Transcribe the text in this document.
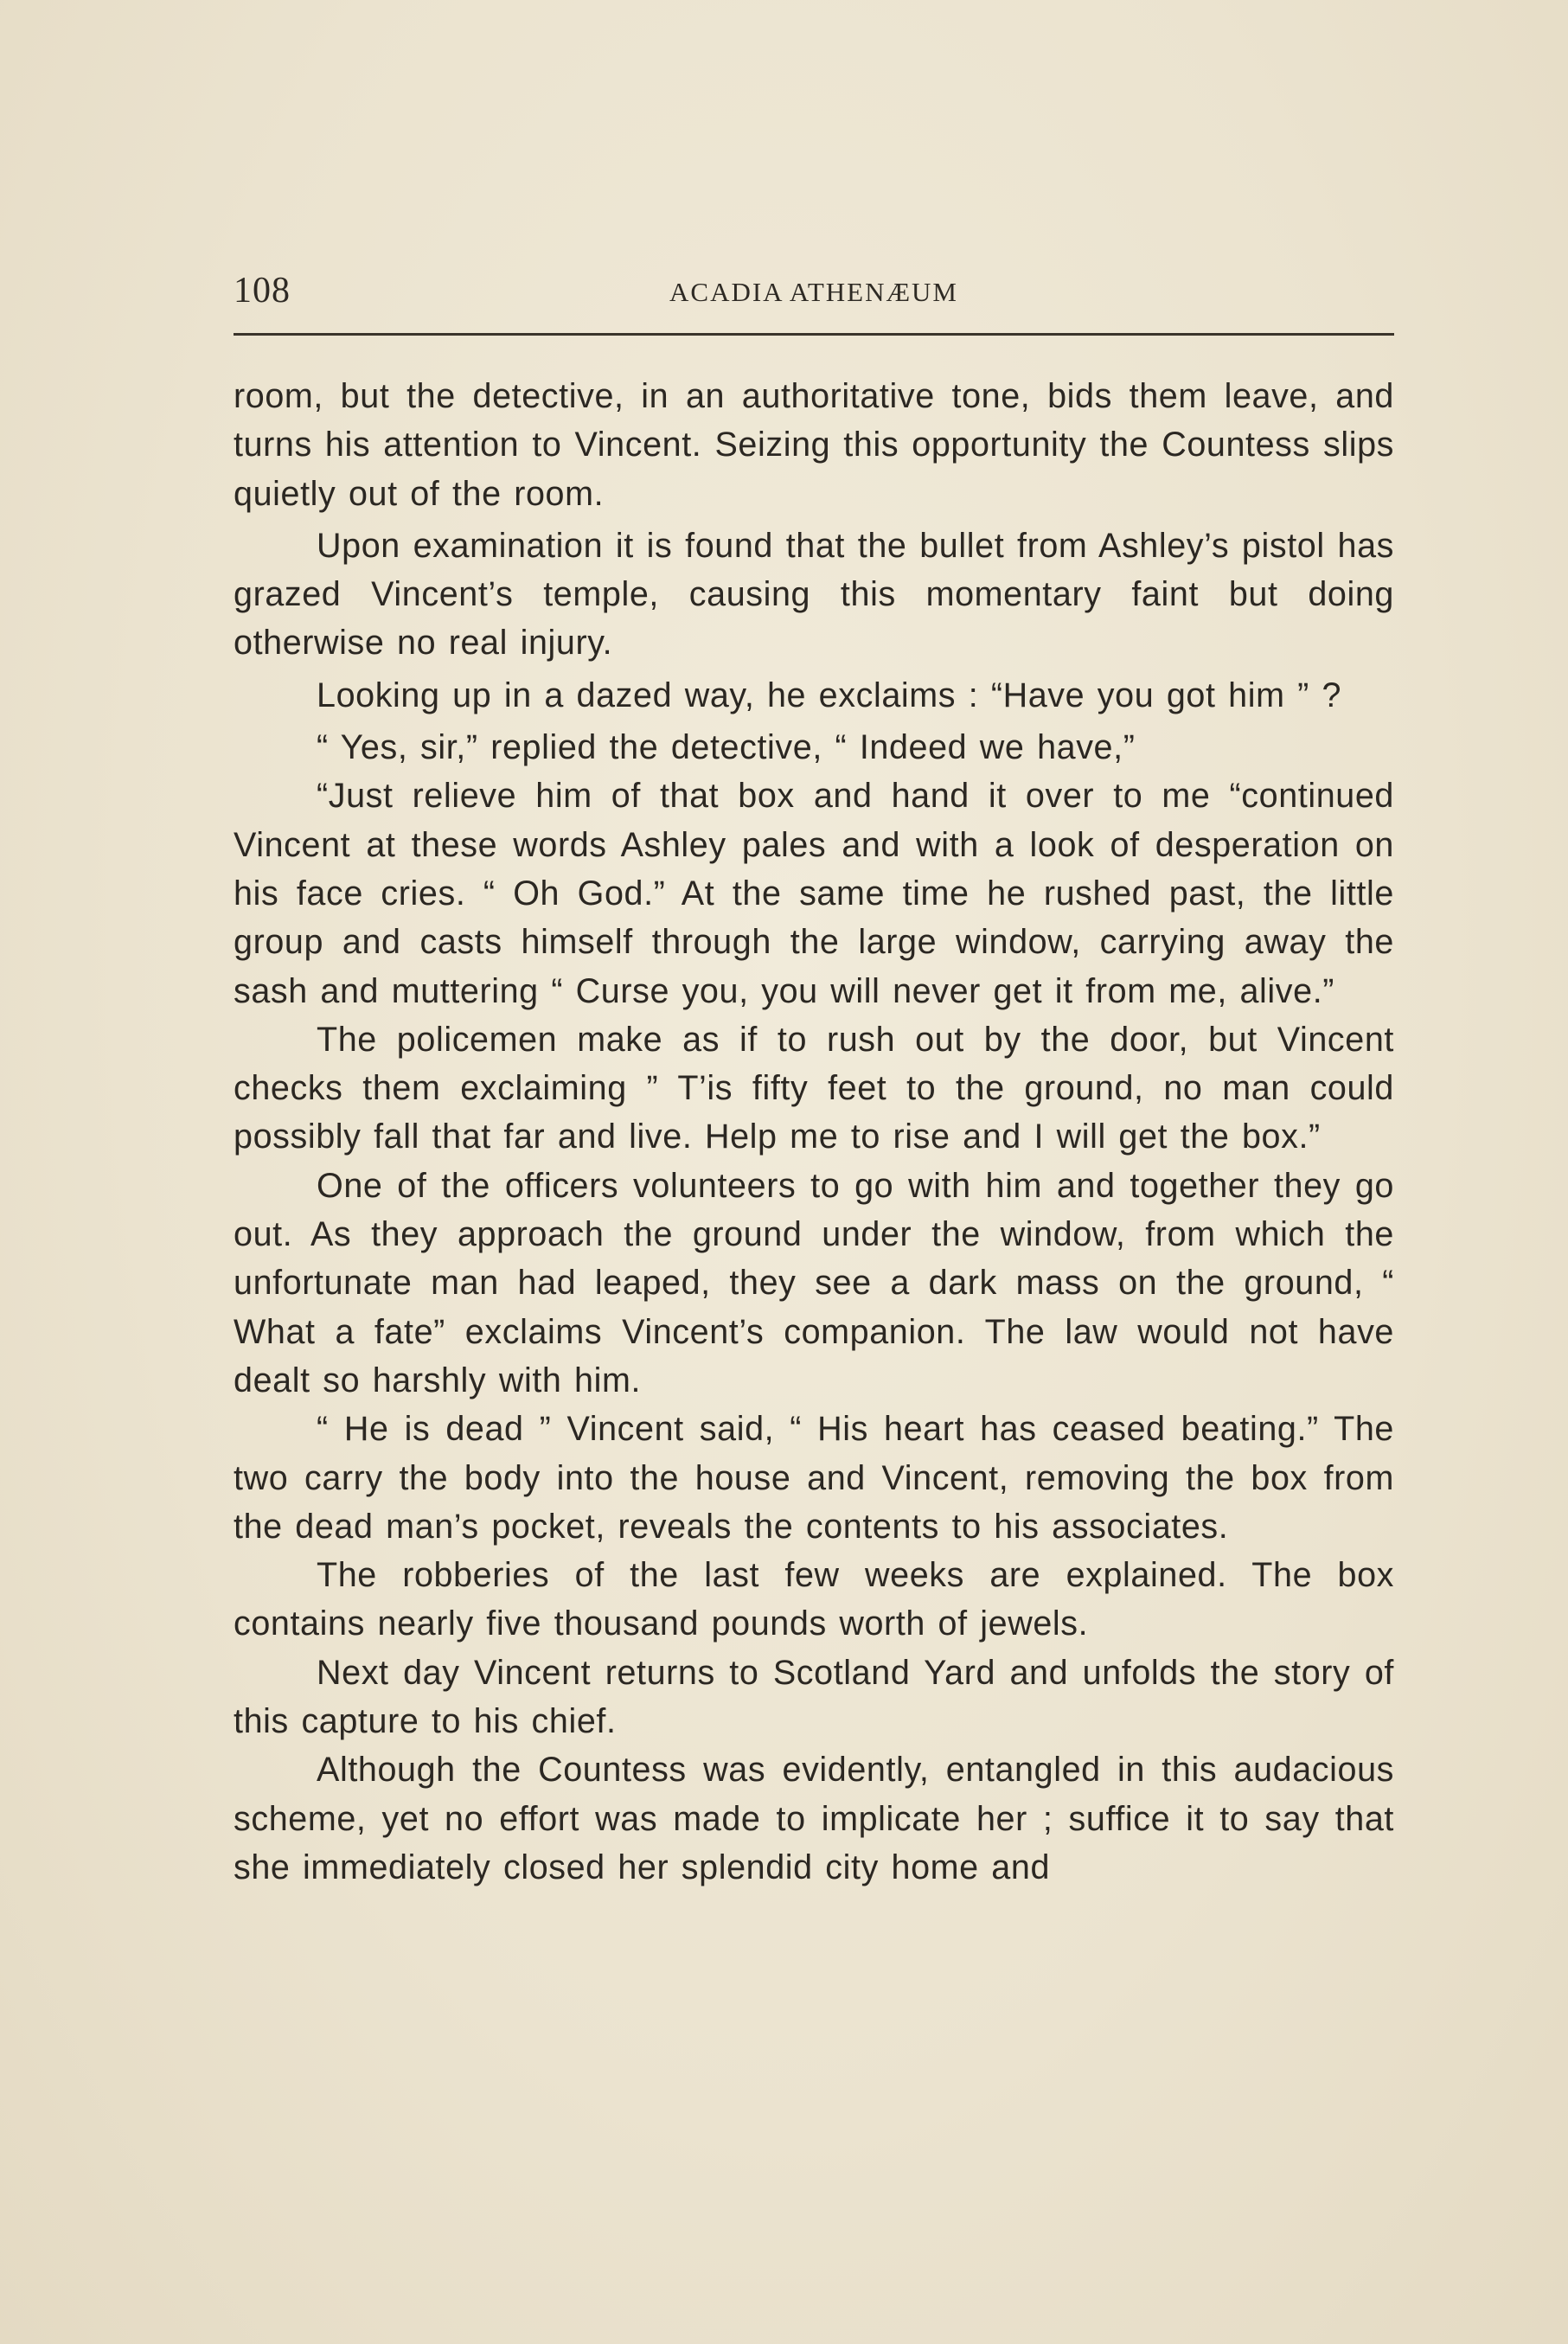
108	ACADIA ATHENÆUM

room, but the detective, in an authoritative tone, bids them leave, and turns his attention to Vincent. Seizing this opportunity the Countess slips quietly out of the room.

Upon examination it is found that the bullet from Ashley’s pistol has grazed Vincent’s temple, causing this momentary faint but doing otherwise no real injury.

Looking up in a dazed way, he exclaims : “Have you got him ” ?

“ Yes, sir,” replied the detective, “ Indeed we have,”

“Just relieve him of that box and hand it over to me “continued Vincent at these words Ashley pales and with a look of desperation on his face cries. “ Oh God.” At the same time he rushed past, the little group and casts himself through the large window, carrying away the sash and muttering “ Curse you, you will never get it from me, alive.”

The policemen make as if to rush out by the door, but Vincent checks them exclaiming ” T’is fifty feet to the ground, no man could possibly fall that far and live. Help me to rise and I will get the box.”

One of the officers volunteers to go with him and together they go out. As they approach the ground under the window, from which the unfortunate man had leaped, they see a dark mass on the ground, “ What a fate” exclaims Vincent’s companion. The law would not have dealt so harshly with him.

“ He is dead ” Vincent said, “ His heart has ceased beating.” The two carry the body into the house and Vincent, removing the box from the dead man’s pocket, reveals the contents to his associates.

The robberies of the last few weeks are explained. The box contains nearly five thousand pounds worth of jewels.

Next day Vincent returns to Scotland Yard and unfolds the story of this capture to his chief.

Although the Countess was evidently, entangled in this audacious scheme, yet no effort was made to implicate her ; suffice it to say that she immediately closed her splendid city home and
